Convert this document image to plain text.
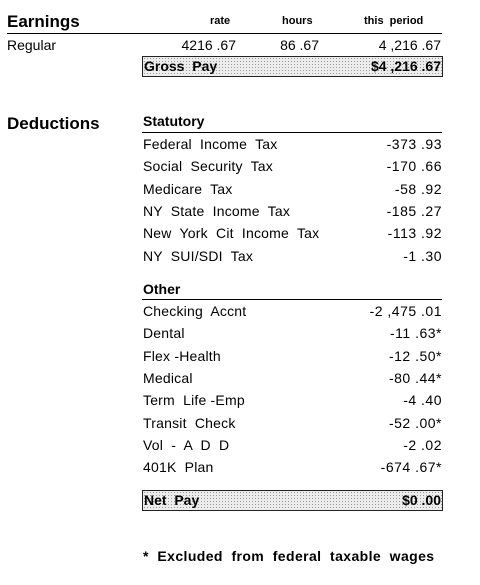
Earnings	rate	hours	this  period
Regular	4216 .67	86 .67	4 ,216 .67
Gross  Pay	$4 ,216 .67
Deductions	Statutory
Federal  Income  Tax	-373 .93
Social  Security  Tax	-170 .66
Medicare  Tax	-58 .92
NY  State  Income  Tax	-185 .27
New  York  Cit  Income  Tax	-113 .92
NY  SUI/SDI  Tax	-1 .30
Other
Checking  Accnt	-2 ,475 .01
Dental	-11 .63*
Flex -Health	-12 .50*
Medical	-80 .44*
Term  Life -Emp	-4 .40
Transit  Check	-52 .00*
Vol  -  A  D  D	-2 .02
401K  Plan	-674 .67*
Net  Pay	$0 .00
*  Excluded  from  federal  taxable  wages
